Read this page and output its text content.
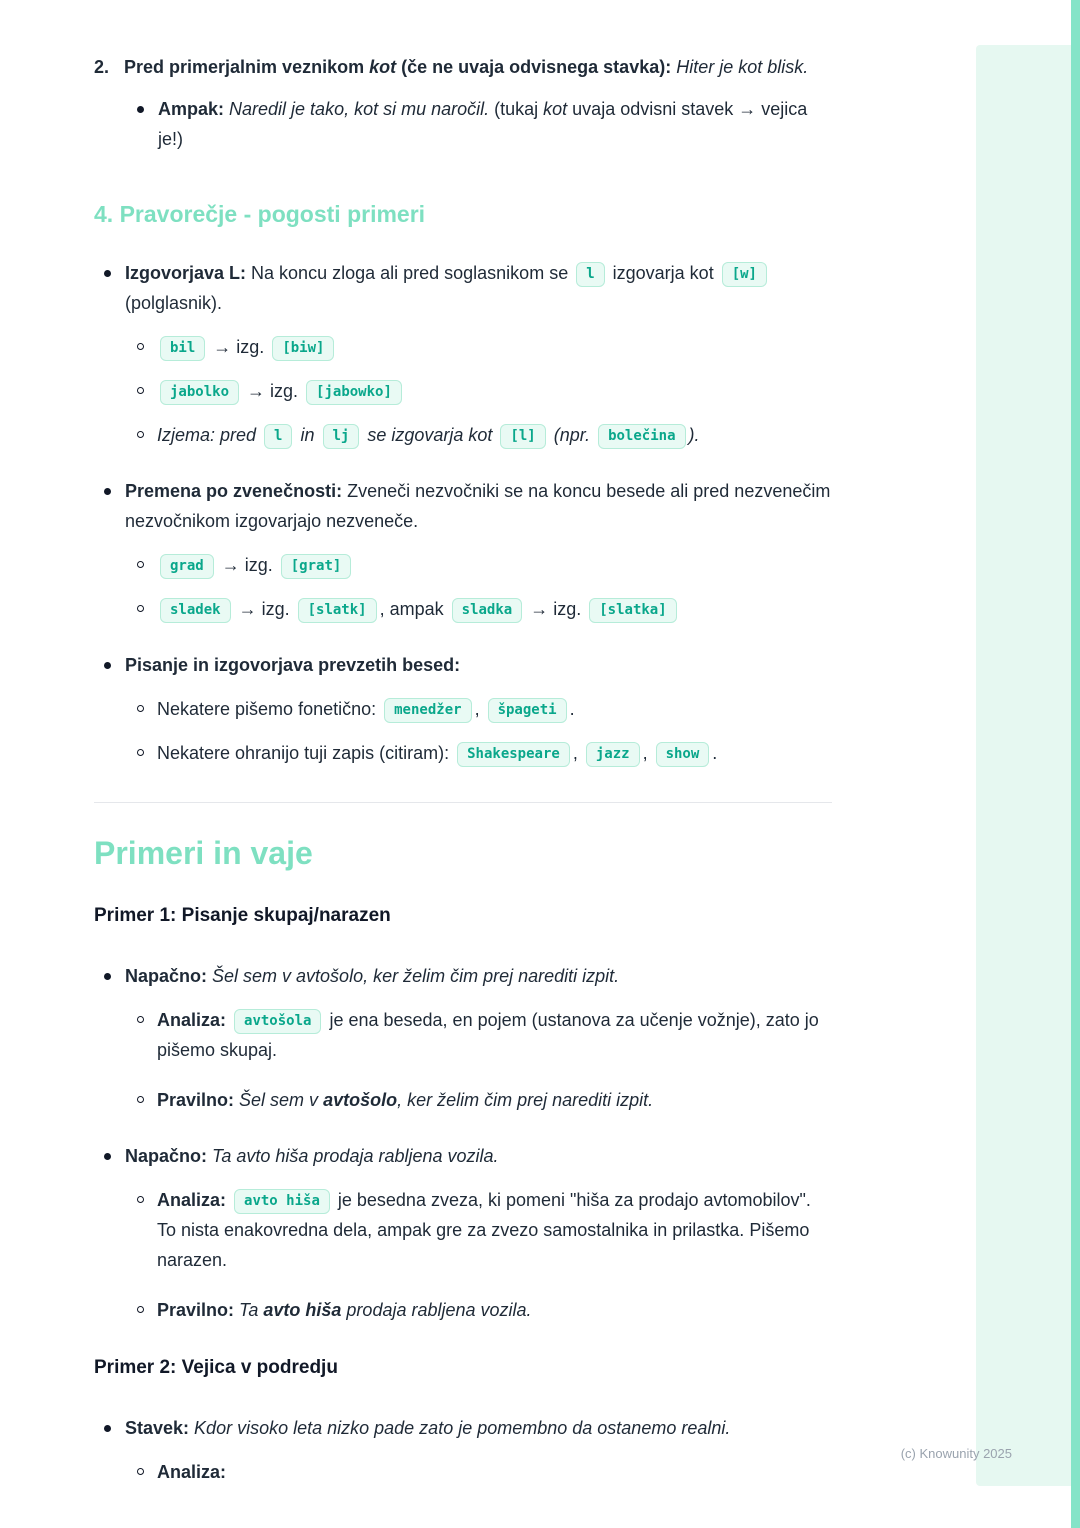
2. Pred primerjalnim veznikom kot (če ne uvaja odvisnega stavka): Hiter je kot blisk.
Ampak: Naredil je tako, kot si mu naročil. (tukaj kot uvaja odvisni stavek → vejica je!)
4. Pravorečje - pogosti primeri
Izgovorjava L: Na koncu zloga ali pred soglasnikom se l izgovarja kot [w] (polglasnik).
bil → izg. [biw]
jabolko → izg. [jabowko]
Izjema: pred l in lj se izgovarja kot [l] (npr. bolečina ).
Premena po zvenečnosti: Zveneči nezvočniki se na koncu besede ali pred nezvenečim nezvočnikom izgovarjajo nezveneče.
grad → izg. [grat]
sladek → izg. [slatk] , ampak sladka → izg. [slatka]
Pisanje in izgovorjava prevzetih besed:
Nekatere pišemo fonetično: menedžer , špageti .
Nekatere ohranijo tuji zapis (citiram): Shakespeare , jazz , show .
Primeri in vaje
Primer 1: Pisanje skupaj/narazen
Napačno: Šel sem v avtošolo, ker želim čim prej narediti izpit.
Analiza: avtošola je ena beseda, en pojem (ustanova za učenje vožnje), zato jo pišemo skupaj.
Pravilno: Šel sem v avtošolo, ker želim čim prej narediti izpit.
Napačno: Ta avto hiša prodaja rabljena vozila.
Analiza: avto hiša je besedna zveza, ki pomeni "hiša za prodajo avtomobilov". To nista enakovredna dela, ampak gre za zvezo samostalnika in prilastka. Pišemo narazen.
Pravilno: Ta avto hiša prodaja rabljena vozila.
Primer 2: Vejica v podredju
Stavek: Kdor visoko leta nizko pade zato je pomembno da ostanemo realni.
Analiza:
(c) Knowunity 2025
